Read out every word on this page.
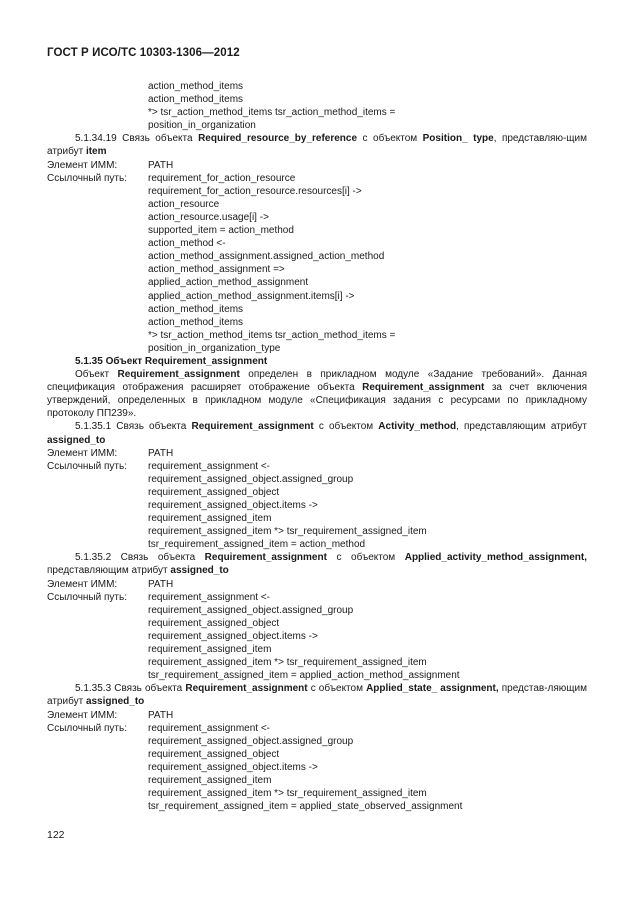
ГОСТ Р ИСО/ТС 10303-1306—2012
action_method_items
action_method_items
*> tsr_action_method_items tsr_action_method_items =
position_in_organization
5.1.34.19 Связь объекта Required_resource_by_reference с объектом Position_ type, представляю-щим атрибут item
Элемент ИММ:	PATH
Ссылочный путь: requirement_for_action_resource
requirement_for_action_resource.resources[i] ->
action_resource
action_resource.usage[i] ->
supported_item = action_method
action_method <-
action_method_assignment.assigned_action_method
action_method_assignment =>
applied_action_method_assignment
applied_action_method_assignment.items[i] ->
action_method_items
action_method_items
*> tsr_action_method_items tsr_action_method_items =
position_in_organization_type
5.1.35 Объект Requirement_assignment
Объект Requirement_assignment определен в прикладном модуле «Задание требований». Данная спецификация отображения расширяет отображение объекта Requirement_assignment за счет включения утверждений, определенных в прикладном модуле «Спецификация задания с ресурсами по прикладному протоколу ПП239».
5.1.35.1 Связь объекта Requirement_assignment с объектом Activity_method, представляющим атрибут assigned_to
Элемент ИММ:	PATH
Ссылочный путь: requirement_assignment <-
requirement_assigned_object.assigned_group
requirement_assigned_object
requirement_assigned_object.items ->
requirement_assigned_item
requirement_assigned_item *> tsr_requirement_assigned_item
tsr_requirement_assigned_item = action_method
5.1.35.2 Связь объекта Requirement_assignment с объектом Applied_activity_method_assignment, представляющим атрибут assigned_to
Элемент ИММ:	PATH
Ссылочный путь: requirement_assignment <-
requirement_assigned_object.assigned_group
requirement_assigned_object
requirement_assigned_object.items ->
requirement_assigned_item
requirement_assigned_item *> tsr_requirement_assigned_item
tsr_requirement_assigned_item = applied_action_method_assignment
5.1.35.3 Связь объекта Requirement_assignment с объектом Applied_state_ assignment, представ-ляющим атрибут assigned_to
Элемент ИММ:	PATH
Ссылочный путь: requirement_assignment <-
requirement_assigned_object.assigned_group
requirement_assigned_object
requirement_assigned_object.items ->
requirement_assigned_item
requirement_assigned_item *> tsr_requirement_assigned_item
tsr_requirement_assigned_item = applied_state_observed_assignment
122
